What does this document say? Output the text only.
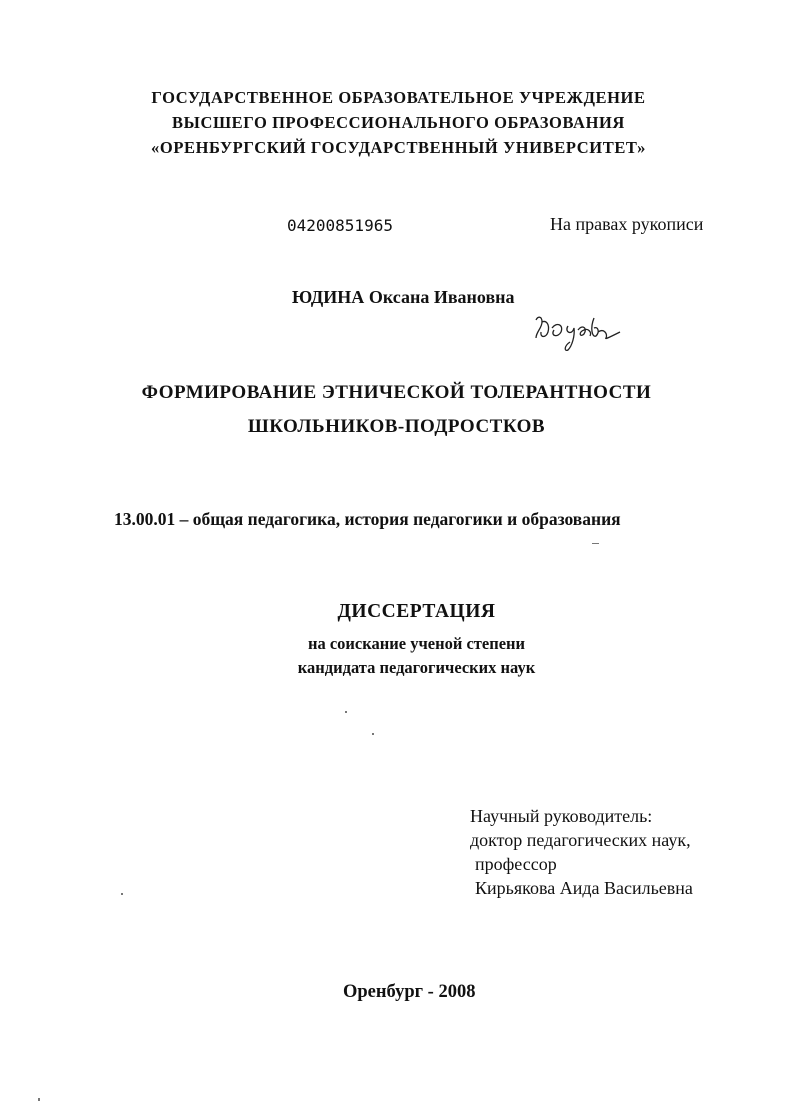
ГОСУДАРСТВЕННОЕ ОБРАЗОВАТЕЛЬНОЕ УЧРЕЖДЕНИЕ
ВЫСШЕГО ПРОФЕССИОНАЛЬНОГО ОБРАЗОВАНИЯ
«ОРЕНБУРГСКИЙ ГОСУДАРСТВЕННЫЙ УНИВЕРСИТЕТ»
04200851965	На правах рукописи
ЮДИНА Оксана Ивановна
ФОРМИРОВАНИЕ ЭТНИЧЕСКОЙ ТОЛЕРАНТНОСТИ
ШКОЛЬНИКОВ-ПОДРОСТКОВ
13.00.01 – общая педагогика, история педагогики и образования
ДИССЕРТАЦИЯ
на соискание ученой степени
кандидата педагогических наук
Научный руководитель:
доктор педагогических наук,
профессор
Кирьякова Аида Васильевна
Оренбург - 2008
